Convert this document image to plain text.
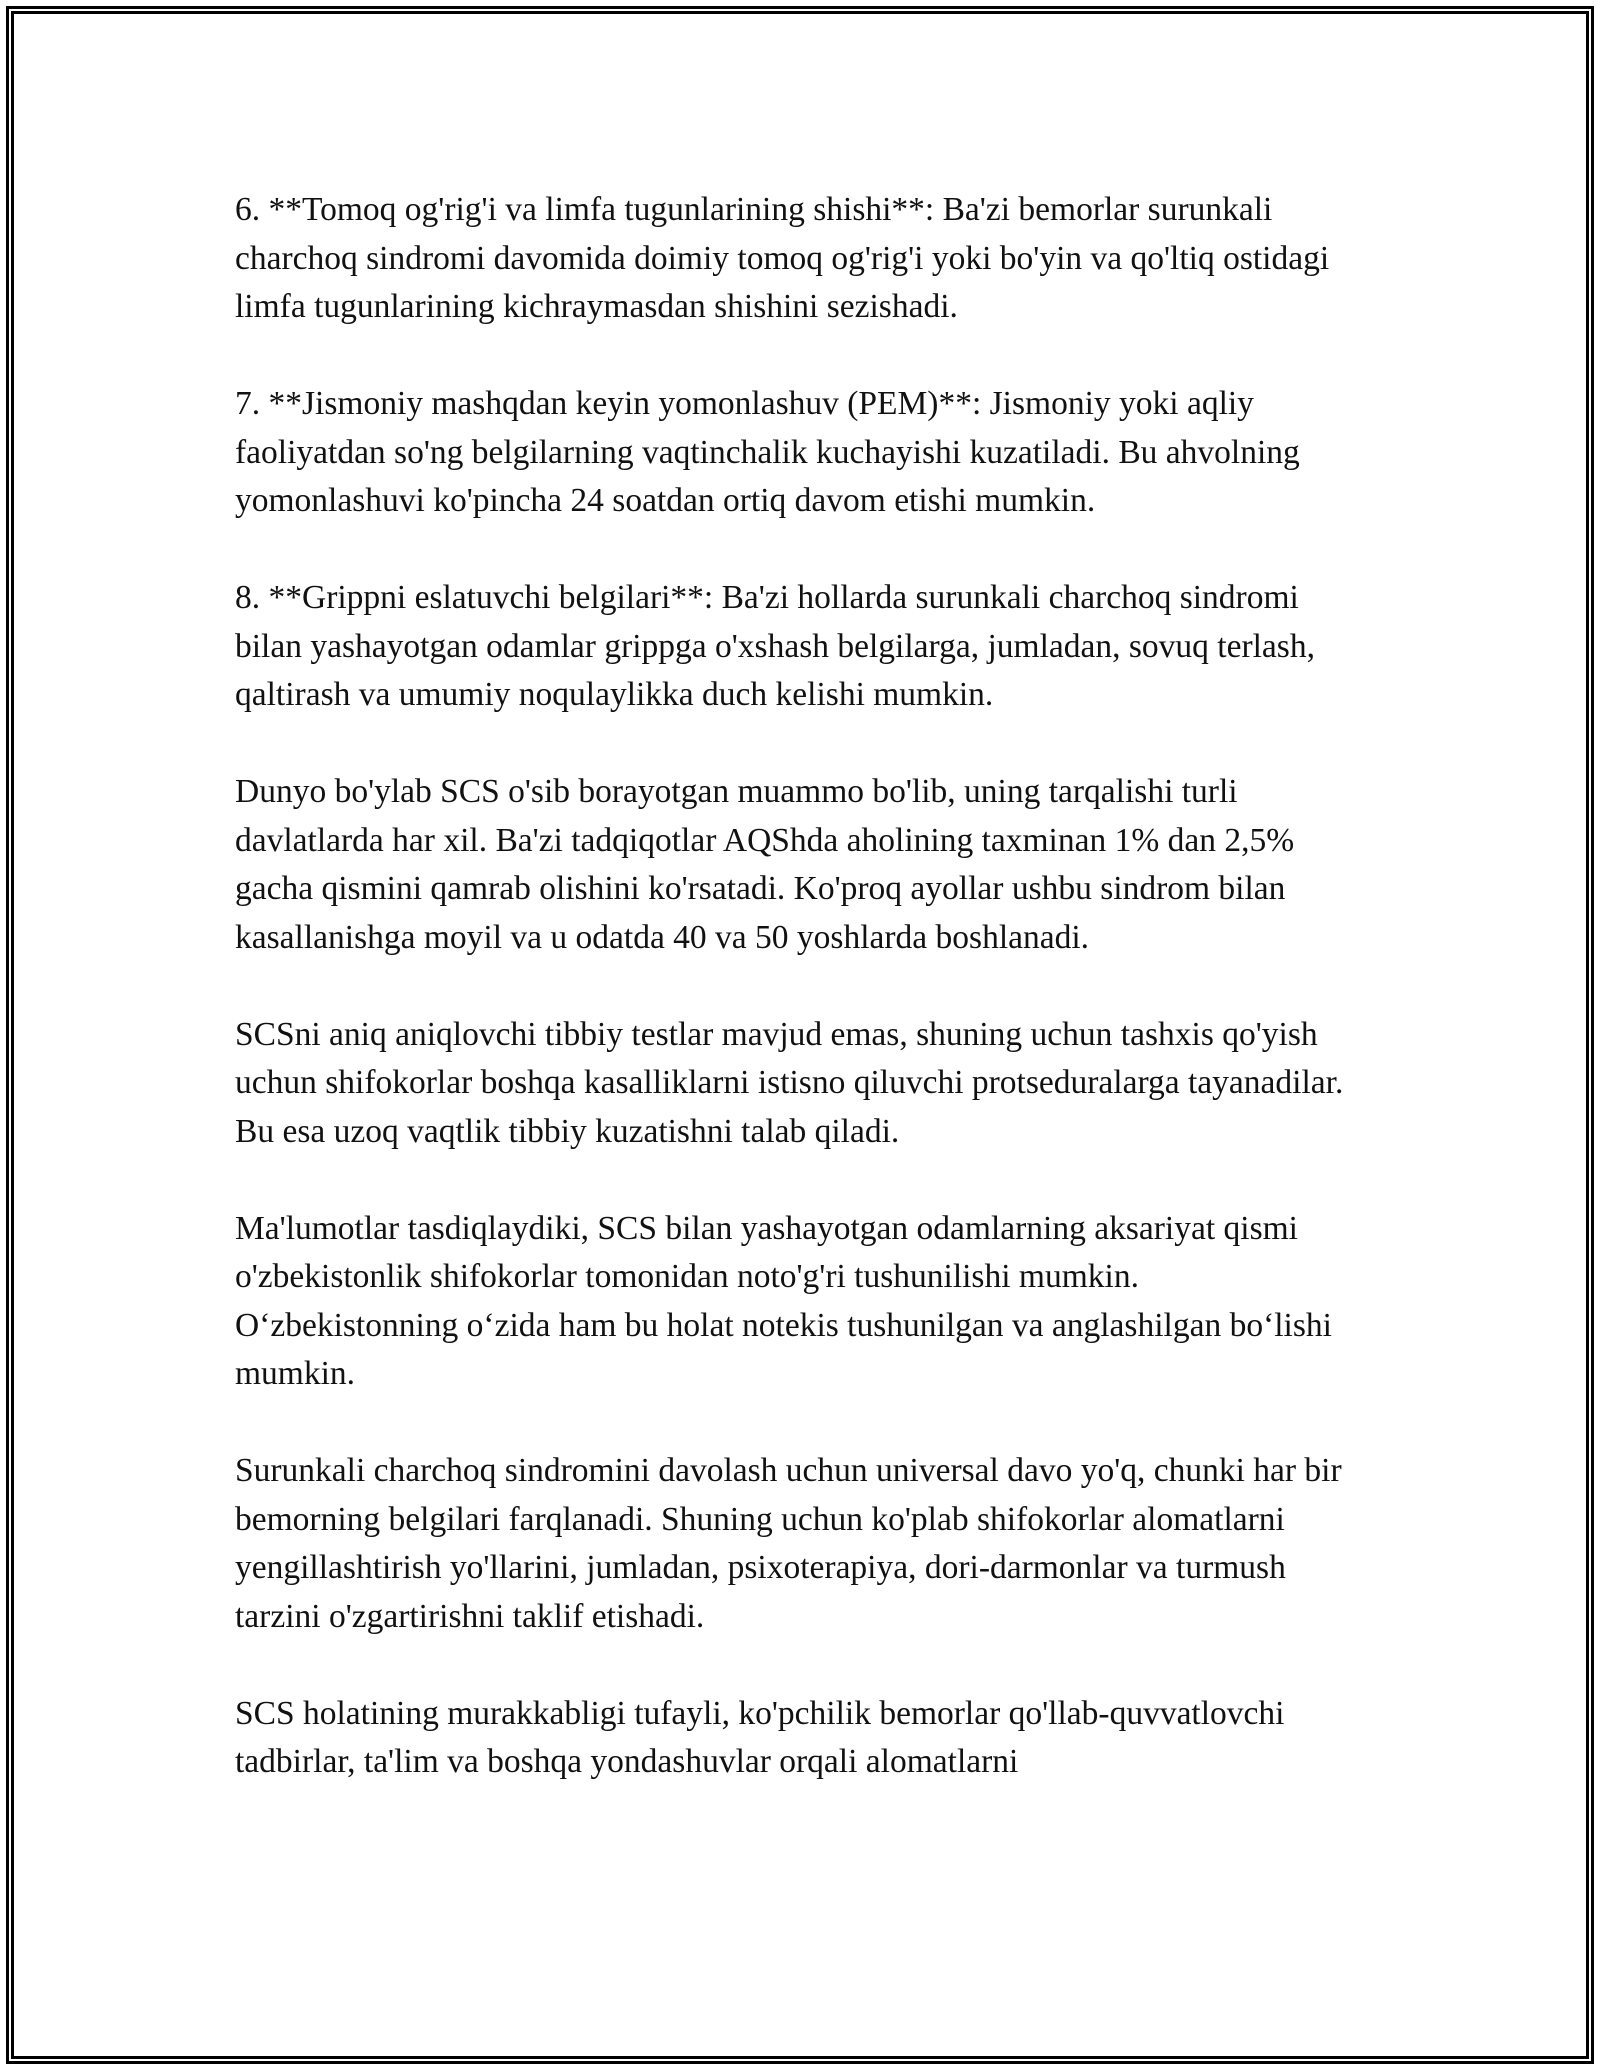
6. **Tomoq og'rig'i va limfa tugunlarining shishi**: Ba'zi bemorlar surunkali charchoq sindromi davomida doimiy tomoq og'rig'i yoki bo'yin va qo'ltiq ostidagi limfa tugunlarining kichraymasdan shishini sezishadi.

7. **Jismoniy mashqdan keyin yomonlashuv (PEM)**: Jismoniy yoki aqliy faoliyatdan so'ng belgilarning vaqtinchalik kuchayishi kuzatiladi. Bu ahvolning yomonlashuvi ko'pincha 24 soatdan ortiq davom etishi mumkin.

8. **Grippni eslatuvchi belgilari**: Ba'zi hollarda surunkali charchoq sindromi bilan yashayotgan odamlar grippga o'xshash belgilarga, jumladan, sovuq terlash, qaltirash va umumiy noqulaylikka duch kelishi mumkin.

Dunyo bo'ylab SCS o'sib borayotgan muammo bo'lib, uning tarqalishi turli davlatlarda har xil. Ba'zi tadqiqotlar AQShda aholining taxminan 1% dan 2,5% gacha qismini qamrab olishini ko'rsatadi. Ko'proq ayollar ushbu sindrom bilan kasallanishga moyil va u odatda 40 va 50 yoshlarda boshlanadi.

SCSni aniq aniqlovchi tibbiy testlar mavjud emas, shuning uchun tashxis qo'yish uchun shifokorlar boshqa kasalliklarni istisno qiluvchi protseduralarga tayanadilar. Bu esa uzoq vaqtlik tibbiy kuzatishni talab qiladi.

Ma'lumotlar tasdiqlaydiki, SCS bilan yashayotgan odamlarning aksariyat qismi o'zbekistonlik shifokorlar tomonidan noto'g'ri tushunilishi mumkin. O‘zbekistonning o‘zida ham bu holat notekis tushunilgan va anglashilgan bo‘lishi mumkin.

Surunkali charchoq sindromini davolash uchun universal davo yo'q, chunki har bir bemorning belgilari farqlanadi. Shuning uchun ko'plab shifokorlar alomatlarni yengillashtirish yo'llarini, jumladan, psixoterapiya, dori-darmonlar va turmush tarzini o'zgartirishni taklif etishadi.

SCS holatining murakkabligi tufayli, ko'pchilik bemorlar qo'llab-quvvatlovchi tadbirlar, ta'lim va boshqa yondashuvlar orqali alomatlarni
